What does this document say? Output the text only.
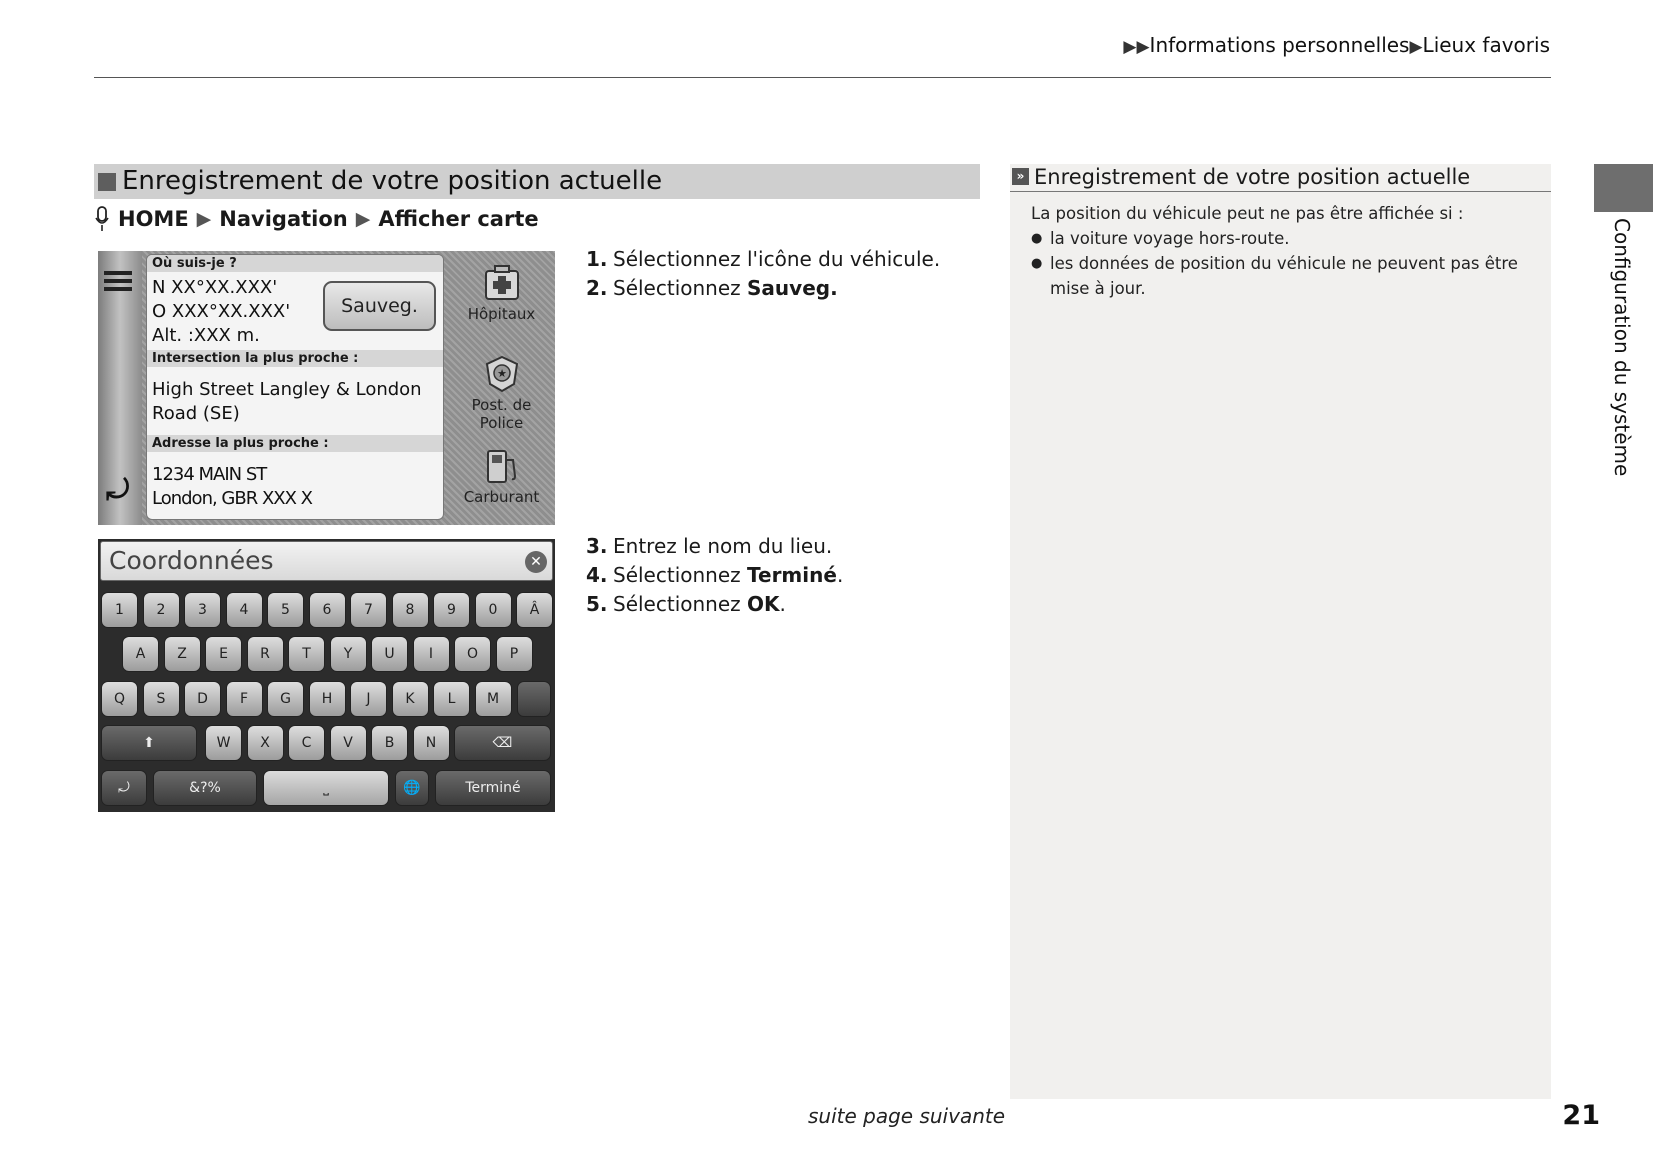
▶▶Informations personnelles▶Lieux favoris
Enregistrement de votre position actuelle
HOME ▶ Navigation ▶ Afficher carte
⤾
Où suis-je ?
N XX°XX.XXX'
O XXX°XX.XXX'
Alt. :XXX m.
Sauveg.
Intersection la plus proche :
High Street Langley & London
Road (SE)
Adresse la plus proche :
1234 MAIN ST
London, GBR XXX X
Hôpitaux
★
Post. de Police
Carburant
Coordonnées	✕
1	2	3	4	5	6	7	8	9	0	Â
A	Z	E	R	T	Y	U	I	O	P
Q	S	D	F	G	H	J	K	L	M
⬆	W	X	C	V	B	N	⌫
⤾	&?%	⎵	🌐	Terminé
1. Sélectionnez l'icône du véhicule.
2. Sélectionnez Sauveg.
3. Entrez le nom du lieu.
4. Sélectionnez Terminé.
5. Sélectionnez OK.
» Enregistrement de votre position actuelle
La position du véhicule peut ne pas être affichée si :
● la voiture voyage hors-route.
● les données de position du véhicule ne peuvent pas être mise à jour.	Configuration du système
suite page suivante	21
